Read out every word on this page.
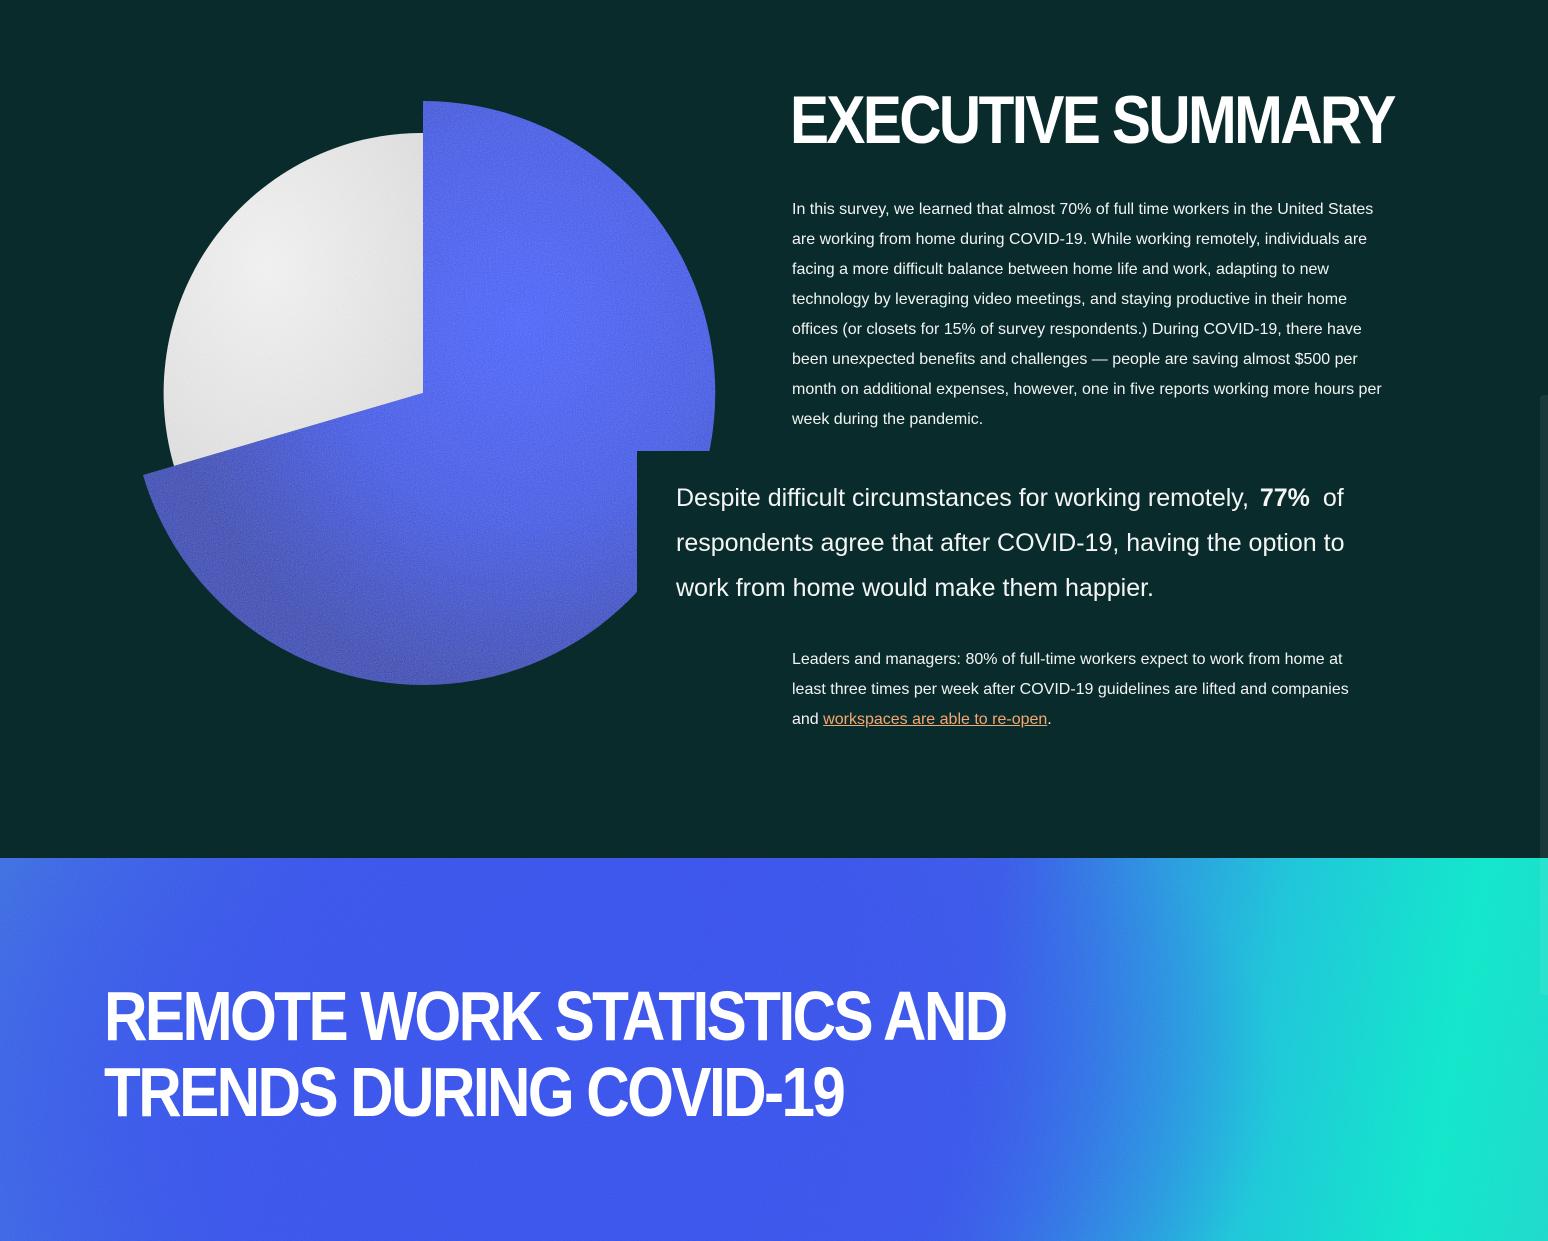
EXECUTIVE SUMMARY

In this survey, we learned that almost 70% of full time workers in the United States are working from home during COVID-19. While working remotely, individuals are facing a more difficult balance between home life and work, adapting to new technology by leveraging video meetings, and staying productive in their home offices (or closets for 15% of survey respondents.) During COVID-19, there have been unexpected benefits and challenges — people are saving almost $500 per month on additional expenses, however, one in five reports working more hours per week during the pandemic.

Despite difficult circumstances for working remotely, 77% of respondents agree that after COVID-19, having the option to work from home would make them happier.

Leaders and managers: 80% of full-time workers expect to work from home at least three times per week after COVID-19 guidelines are lifted and companies and workspaces are able to re-open.

REMOTE WORK STATISTICS AND
TRENDS DURING COVID-19
